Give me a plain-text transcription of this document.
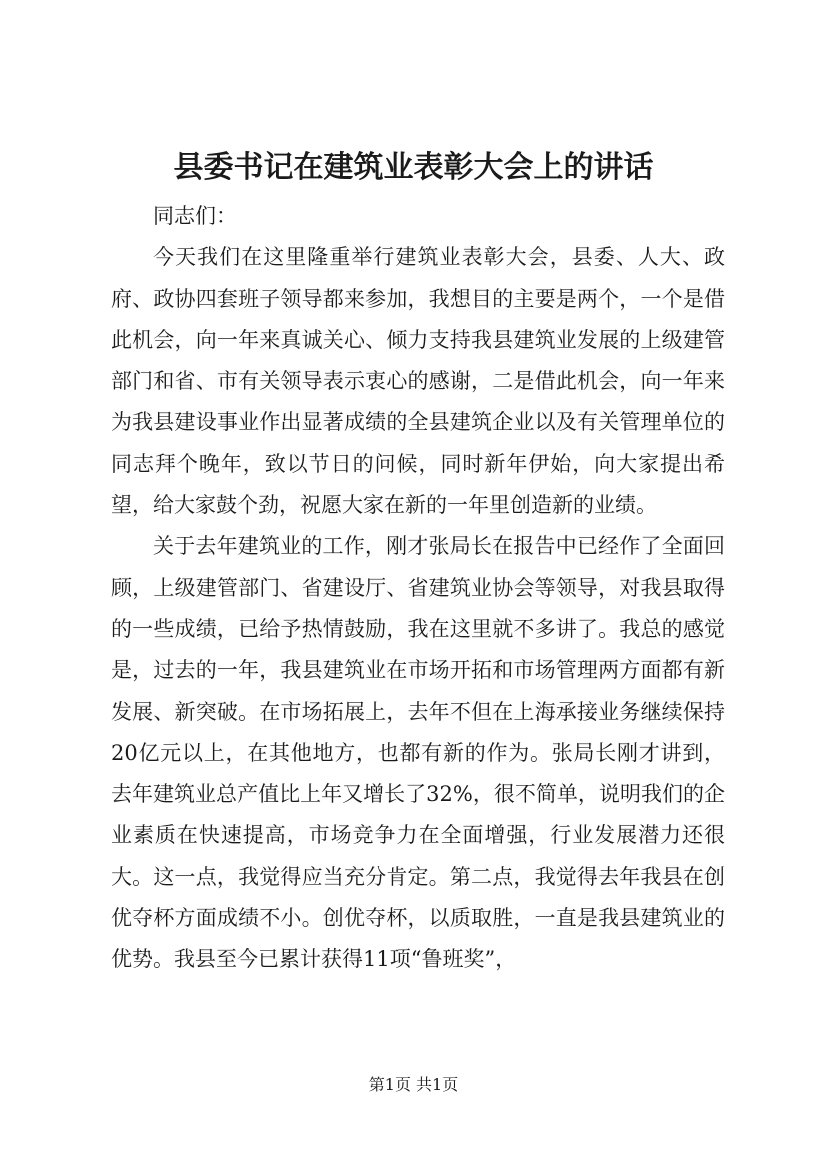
县委书记在建筑业表彰大会上的讲话

同志们：

今天我们在这里隆重举行建筑业表彰大会，县委、人大、政府、政协四套班子领导都来参加，我想目的主要是两个，一个是借此机会，向一年来真诚关心、倾力支持我县建筑业发展的上级建管部门和省、市有关领导表示衷心的感谢，二是借此机会，向一年来为我县建设事业作出显著成绩的全县建筑企业以及有关管理单位的同志拜个晚年，致以节日的问候，同时新年伊始，向大家提出希望，给大家鼓个劲，祝愿大家在新的一年里创造新的业绩。

关于去年建筑业的工作，刚才张局长在报告中已经作了全面回顾，上级建管部门、省建设厅、省建筑业协会等领导，对我县取得的一些成绩，已给予热情鼓励，我在这里就不多讲了。我总的感觉是，过去的一年，我县建筑业在市场开拓和市场管理两方面都有新发展、新突破。在市场拓展上，去年不但在上海承接业务继续保持20亿元以上，在其他地方，也都有新的作为。张局长刚才讲到，去年建筑业总产值比上年又增长了32%，很不简单，说明我们的企业素质在快速提高，市场竞争力在全面增强，行业发展潜力还很大。这一点，我觉得应当充分肯定。第二点，我觉得去年我县在创优夺杯方面成绩不小。创优夺杯，以质取胜，一直是我县建筑业的优势。我县至今已累计获得11项“鲁班奖”，

第1页 共1页
